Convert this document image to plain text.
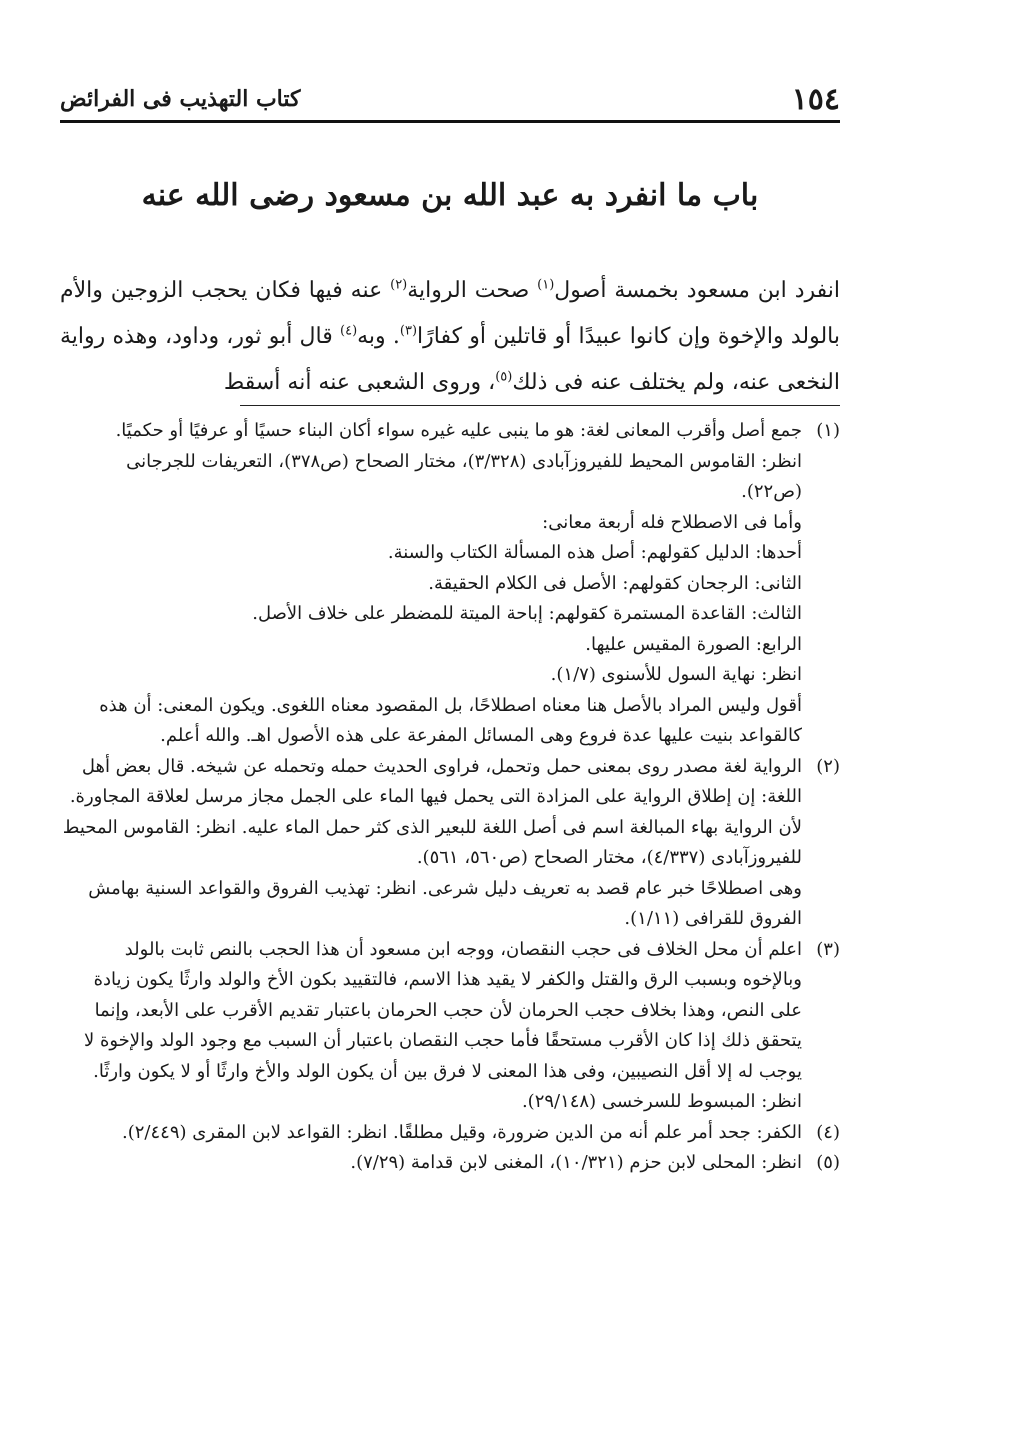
١٥٤
كتاب التهذيب فى الفرائض
باب ما انفرد به عبد الله بن مسعود رضى الله عنه

انفرد ابن مسعود بخمسة أصول$^{(١)}$ صحت الرواية$^{(٢)}$ عنه فيها فكان يحجب الزوجين والأم بالولد والإخوة وإن كانوا عبيدًا أو قاتلين أو كفارًا$^{(٣)}$. وبه$^{(٤)}$ قال أبو ثور، وداود، وهذه رواية النخعى عنه، ولم يختلف عنه فى ذلك$^{(٥)}$، وروى الشعبى عنه أنه أسقط

(١)

جمع أصل وأقرب المعانى لغة: هو ما ينبى عليه غيره سواء أكان البناء حسيًا أو عرفيًا أو حكميًا.

انظر: القاموس المحيط للفيروزآبادى (٣/٣٢٨)، مختار الصحاح (ص٣٧٨)، التعريفات للجرجانى (ص٢٢).

وأما فى الاصطلاح فله أربعة معانى:

أحدها: الدليل كقولهم: أصل هذه المسألة الكتاب والسنة.

الثانى: الرجحان كقولهم: الأصل فى الكلام الحقيقة.

الثالث: القاعدة المستمرة كقولهم: إباحة الميتة للمضطر على خلاف الأصل.

الرابع: الصورة المقيس عليها.

انظر: نهاية السول للأسنوى (١/٧).

أقول وليس المراد بالأصل هنا معناه اصطلاحًا، بل المقصود معناه اللغوى. ويكون المعنى: أن هذه كالقواعد بنيت عليها عدة فروع وهى المسائل المفرعة على هذه الأصول اهـ. والله أعلم.

(٢)

الرواية لغة مصدر روى بمعنى حمل وتحمل، فراوى الحديث حمله وتحمله عن شيخه. قال بعض أهل اللغة: إن إطلاق الرواية على المزادة التى يحمل فيها الماء على الجمل مجاز مرسل لعلاقة المجاورة. لأن الرواية بهاء المبالغة اسم فى أصل اللغة للبعير الذى كثر حمل الماء عليه. انظر: القاموس المحيط للفيروزآبادى (٤/٣٣٧)، مختار الصحاح (ص٥٦٠، ٥٦١).

وهى اصطلاحًا خبر عام قصد به تعريف دليل شرعى. انظر: تهذيب الفروق والقواعد السنية بهامش الفروق للقرافى (١/١١).

(٣)

اعلم أن محل الخلاف فى حجب النقصان، ووجه ابن مسعود أن هذا الحجب بالنص ثابت بالولد وبالإخوه وبسبب الرق والقتل والكفر لا يقيد هذا الاسم، فالتقييد بكون الأخ والولد وارثًا يكون زيادة على النص، وهذا بخلاف حجب الحرمان لأن حجب الحرمان باعتبار تقديم الأقرب على الأبعد، وإنما يتحقق ذلك إذا كان الأقرب مستحقًا فأما حجب النقصان باعتبار أن السبب مع وجود الولد والإخوة لا يوجب له إلا أقل النصيبين، وفى هذا المعنى لا فرق بين أن يكون الولد والأخ وارثًا أو لا يكون وارثًا. انظر: المبسوط للسرخسى (٢٩/١٤٨).

(٤)

الكفر: جحد أمر علم أنه من الدين ضرورة، وقيل مطلقًا. انظر: القواعد لابن المقرى (٢/٤٤٩).

(٥)

انظر: المحلى لابن حزم (١٠/٣٢١)، المغنى لابن قدامة (٧/٢٩).
